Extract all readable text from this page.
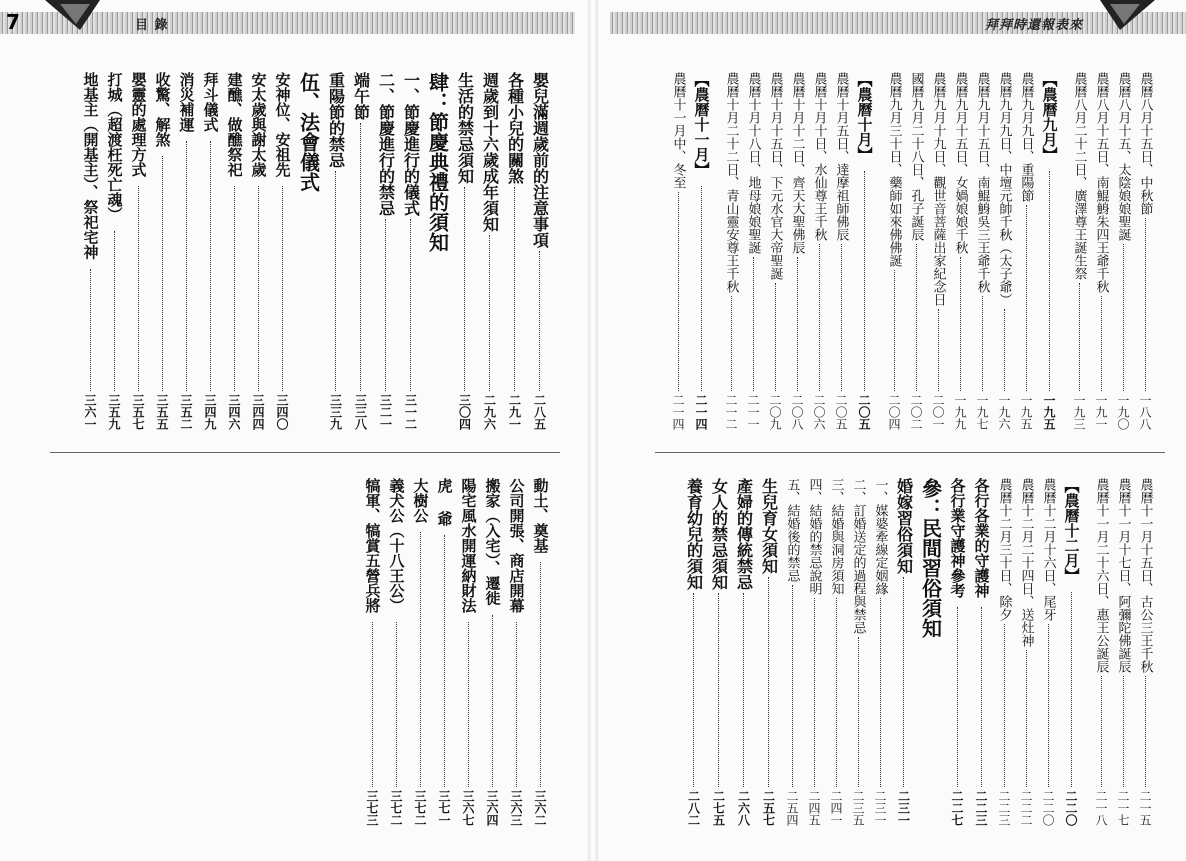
7	目 錄	拜拜時還報表來
嬰兒滿週歲前的注意事項
二八五
各種小兒的關煞
二九一
週歲到十六歲成年須知
二九六
生活的禁忌須知
三〇四
肆：節慶典禮的須知
一、節慶進行的儀式
三一二
二、節慶進行的禁忌
三二一
端午節
三三八
重陽節的禁忌
三三九
伍、法會儀式
安神位、安祖先
三四〇
安太歲與謝太歲
三四四
建醮、做醮祭祀
三四六
拜斗儀式
三四九
消災補運
三五二
收驚、解煞
三五五
嬰靈的處理方式
三五七
打城（超渡枉死亡魂）
三五九
地基主（開基主）、祭祀宅神
三六一
動土、奠基
三六二
公司開張、商店開幕
三六三
搬家（入宅）、遷徙
三六四
陽宅風水開運納財法
三六七
虎 爺
三七一
大樹公
三七二
義犬公（十八王公）
三七二
犒軍、犒賞五營兵將
三七三
農曆八月十五日、中秋節
一八八
農曆八月十五、太陰娘娘聖誕
一九〇
農曆八月十五日、南鯤鯓朱四王爺千秋
一九一
農曆八月二十二日、廣澤尊王誕生祭
一九三
【農曆九月】
一九五
農曆九月九日、重陽節
一九五
農曆九月九日、中壇元帥千秋（太子爺）
一九六
農曆九月十五日、南鯤鯓吳三王爺千秋
一九七
農曆九月十五日、女媧娘娘千秋
一九九
農曆九月十九日、觀世音菩薩出家紀念日
二〇一
國曆九月二十八日、孔子誕辰
二〇二
農曆九月三十日、藥師如來佛佛誕
二〇四
【農曆十月】
二〇五
農曆十月五日、達摩祖師佛辰
二〇五
農曆十月十日、水仙尊王千秋
二〇六
農曆十月十二日、齊天大聖佛辰
二〇八
農曆十月十五日、下元水官大帝聖誕
二〇九
農曆十月十八日、地母娘娘聖誕
二一一
農曆十月二十二日、青山靈安尊王千秋
二一二
【農曆十一月】
二一四
農曆十一月中、冬至
二一四
農曆十一月十五日、古公三王千秋
二一五
農曆十一月十七日、阿彌陀佛誕辰
二一七
農曆十一月二十六日、惠王公誕辰
二一八
【農曆十二月】
二二〇
農曆十二月十六日、尾牙
二二〇
農曆十二月二十四日、送灶神
二二二
農曆十二月三十日、除夕
二二三
各行各業的守護神
二二三
各行業守護神參考
二二七
參：民間習俗須知
婚嫁習俗須知
二三一
一、媒婆牽線定姻緣
二三一
二、訂婚送定的過程與禁忌
二三五
三、結婚與洞房須知
二四一
四、結婚的禁忌說明
二四五
五、結婚後的禁忌
二五四
生兒育女須知
二五七
產婦的傳統禁忌
二六八
女人的禁忌須知
二七五
養育幼兒的須知
二八二
